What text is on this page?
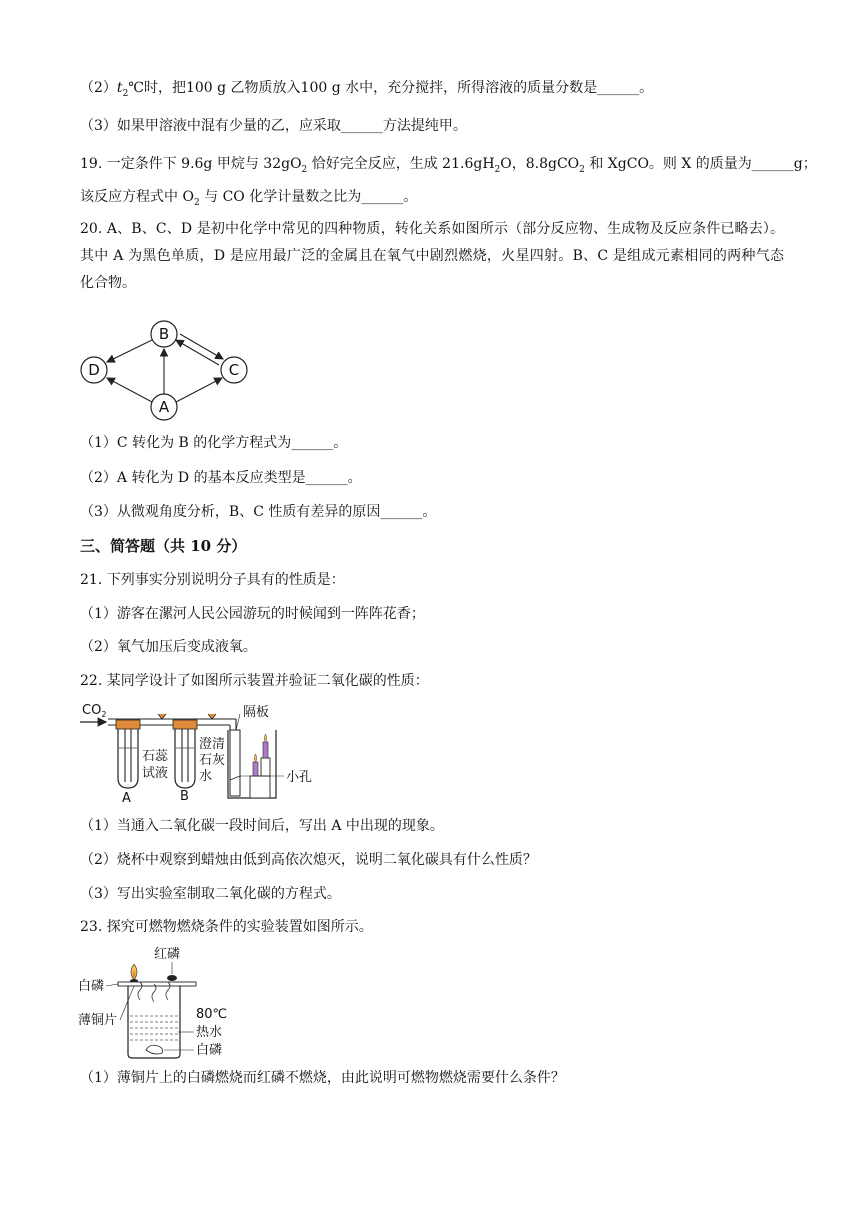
$(2)t_2℃$时，把100 g 乙物质放入100 g 水中，充分搅拌，所得溶液的质量分数是______。
（3）如果甲溶液中混有少量的乙，应采取______方法提纯甲。
19. 一定条件下 9.6g 甲烷与 $32gO_2$ 恰好完全反应，生成 $21.6gH_2O$，8.8gCO$_2$ 和 XgCO。则 X 的质量为______g；
该反应方程式中 $O_2$ 与 CO 化学计量数之比为______。
20. A、B、C、D 是初中化学中常见的四种物质，转化关系如图所示（部分反应物、生成物及反应条件已略去）。其中 A 为黑色单质，D 是应用最广泛的金属且在氧气中剧烈燃烧，火星四射。B、C 是组成元素相同的两种气态化合物。
B
C
D
A
（1）C 转化为 B 的化学方程式为______。
（2）A 转化为 D 的基本反应类型是______。
（3）从微观角度分析，B、C 性质有差异的原因______。
三、简答题（共 10 分）
21. 下列事实分别说明分子具有的性质是：
（1）游客在漯河人民公园游玩的时候闻到一阵阵花香；
（2）氧气加压后变成液氧。
22. 某同学设计了如图所示装置并验证二氧化碳的性质：
$CO_2$	隔板
小孔
石蕊
试液
澄清
石灰
水
A	B
（1）当通入二氧化碳一段时间后，写出 A 中出现的现象。
（2）烧杯中观察到蜡烛由低到高依次熄灭，说明二氧化碳具有什么性质？
（3）写出实验室制取二氧化碳的方程式。
23. 探究可燃物燃烧条件的实验装置如图所示。
红磷
白磷
薄铜片	80℃
热水
白磷
（1）薄铜片上的白磷燃烧而红磷不燃烧，由此说明可燃物燃烧需要什么条件？
